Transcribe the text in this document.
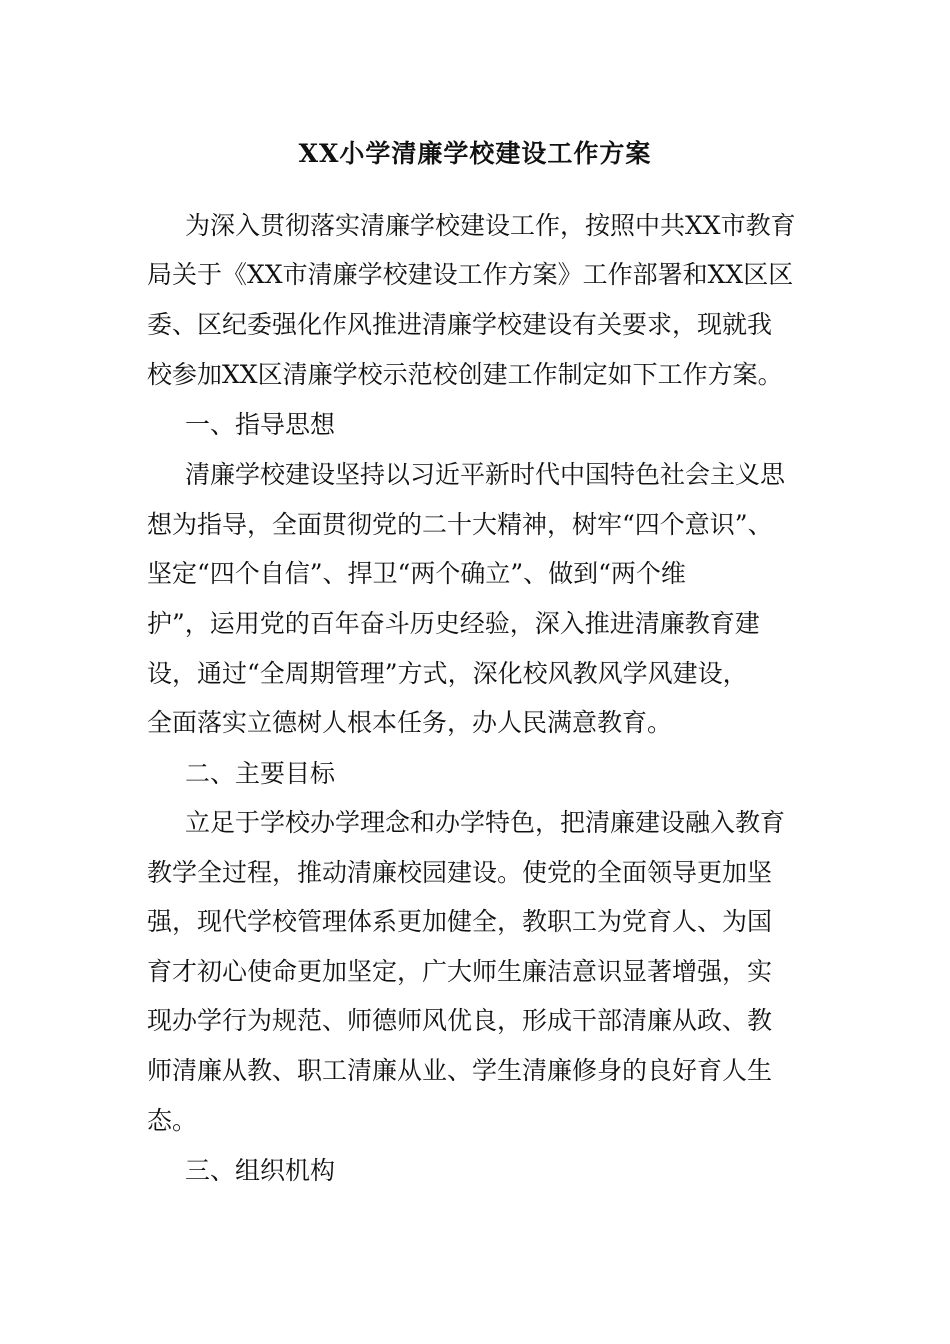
XX小学清廉学校建设工作方案
为深入贯彻落实清廉学校建设工作，按照中共XX市教育
局关于《XX市清廉学校建设工作方案》工作部署和XX区区
委、区纪委强化作风推进清廉学校建设有关要求，现就我
校参加XX区清廉学校示范校创建工作制定如下工作方案。
一、指导思想
清廉学校建设坚持以习近平新时代中国特色社会主义思
想为指导，全面贯彻党的二十大精神，树牢“四个意识”、
坚定“四个自信”、捍卫“两个确立”、做到“两个维
护”，运用党的百年奋斗历史经验，深入推进清廉教育建
设，通过“全周期管理”方式，深化校风教风学风建设，
全面落实立德树人根本任务，办人民满意教育。
二、主要目标
立足于学校办学理念和办学特色，把清廉建设融入教育
教学全过程，推动清廉校园建设。使党的全面领导更加坚
强，现代学校管理体系更加健全，教职工为党育人、为国
育才初心使命更加坚定，广大师生廉洁意识显著增强，实
现办学行为规范、师德师风优良，形成干部清廉从政、教
师清廉从教、职工清廉从业、学生清廉修身的良好育人生
态。
三、组织机构
